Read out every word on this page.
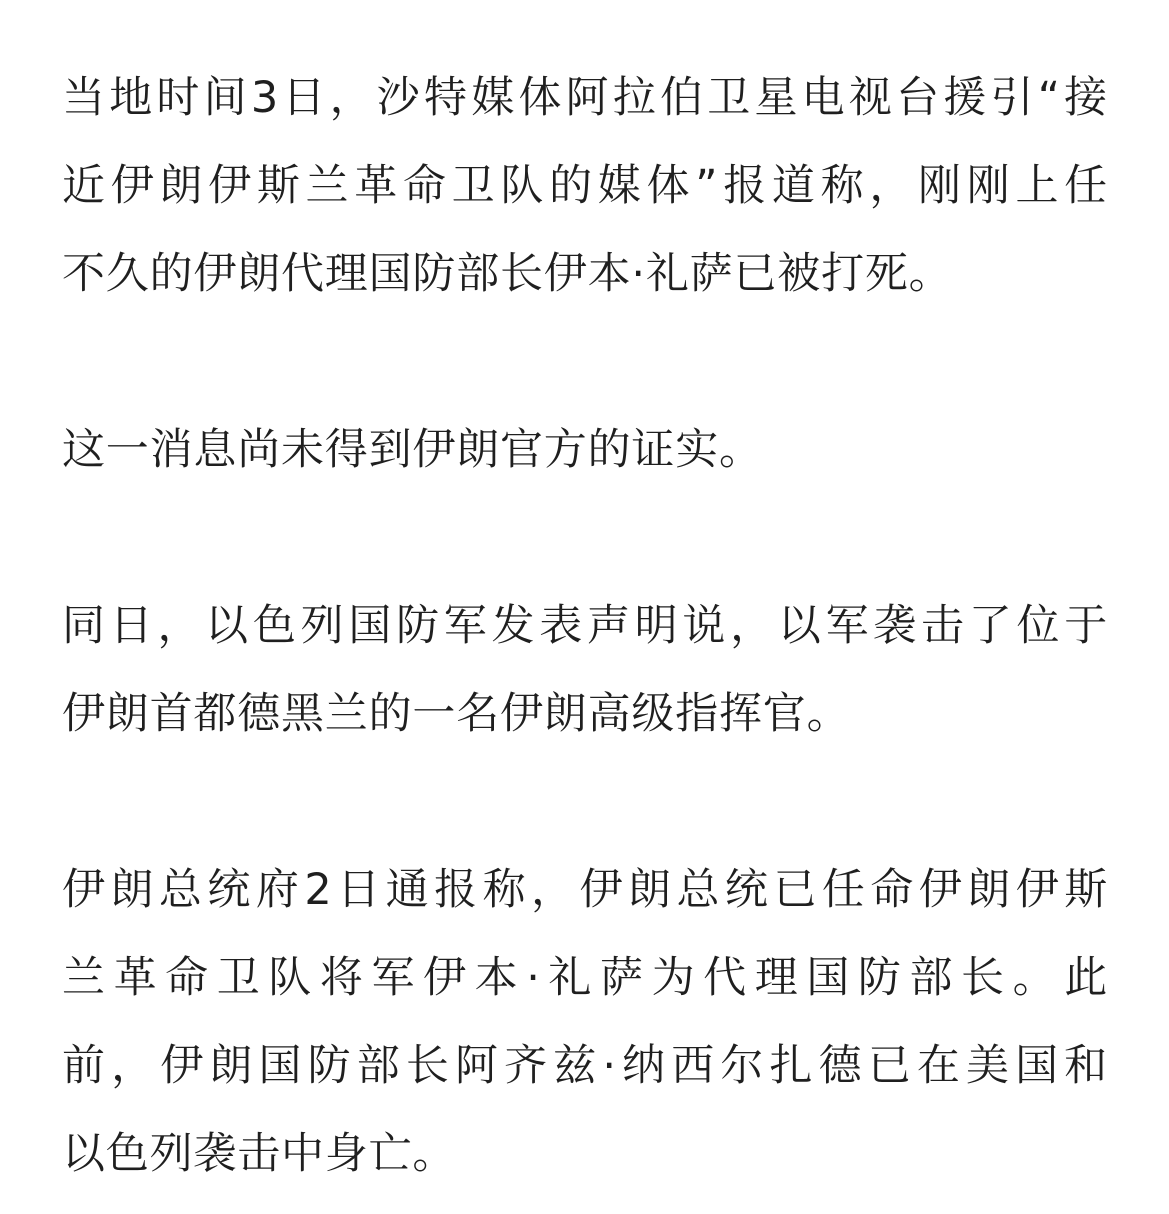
当地时间3日，沙特媒体阿拉伯卫星电视台援引“接
近伊朗伊斯兰革命卫队的媒体”报道称，刚刚上任
不久的伊朗代理国防部长伊本·礼萨已被打死。

这一消息尚未得到伊朗官方的证实。

同日，以色列国防军发表声明说，以军袭击了位于
伊朗首都德黑兰的一名伊朗高级指挥官。

伊朗总统府2日通报称，伊朗总统已任命伊朗伊斯
兰革命卫队将军伊本·礼萨为代理国防部长。此
前，伊朗国防部长阿齐兹·纳西尔扎德已在美国和
以色列袭击中身亡。
